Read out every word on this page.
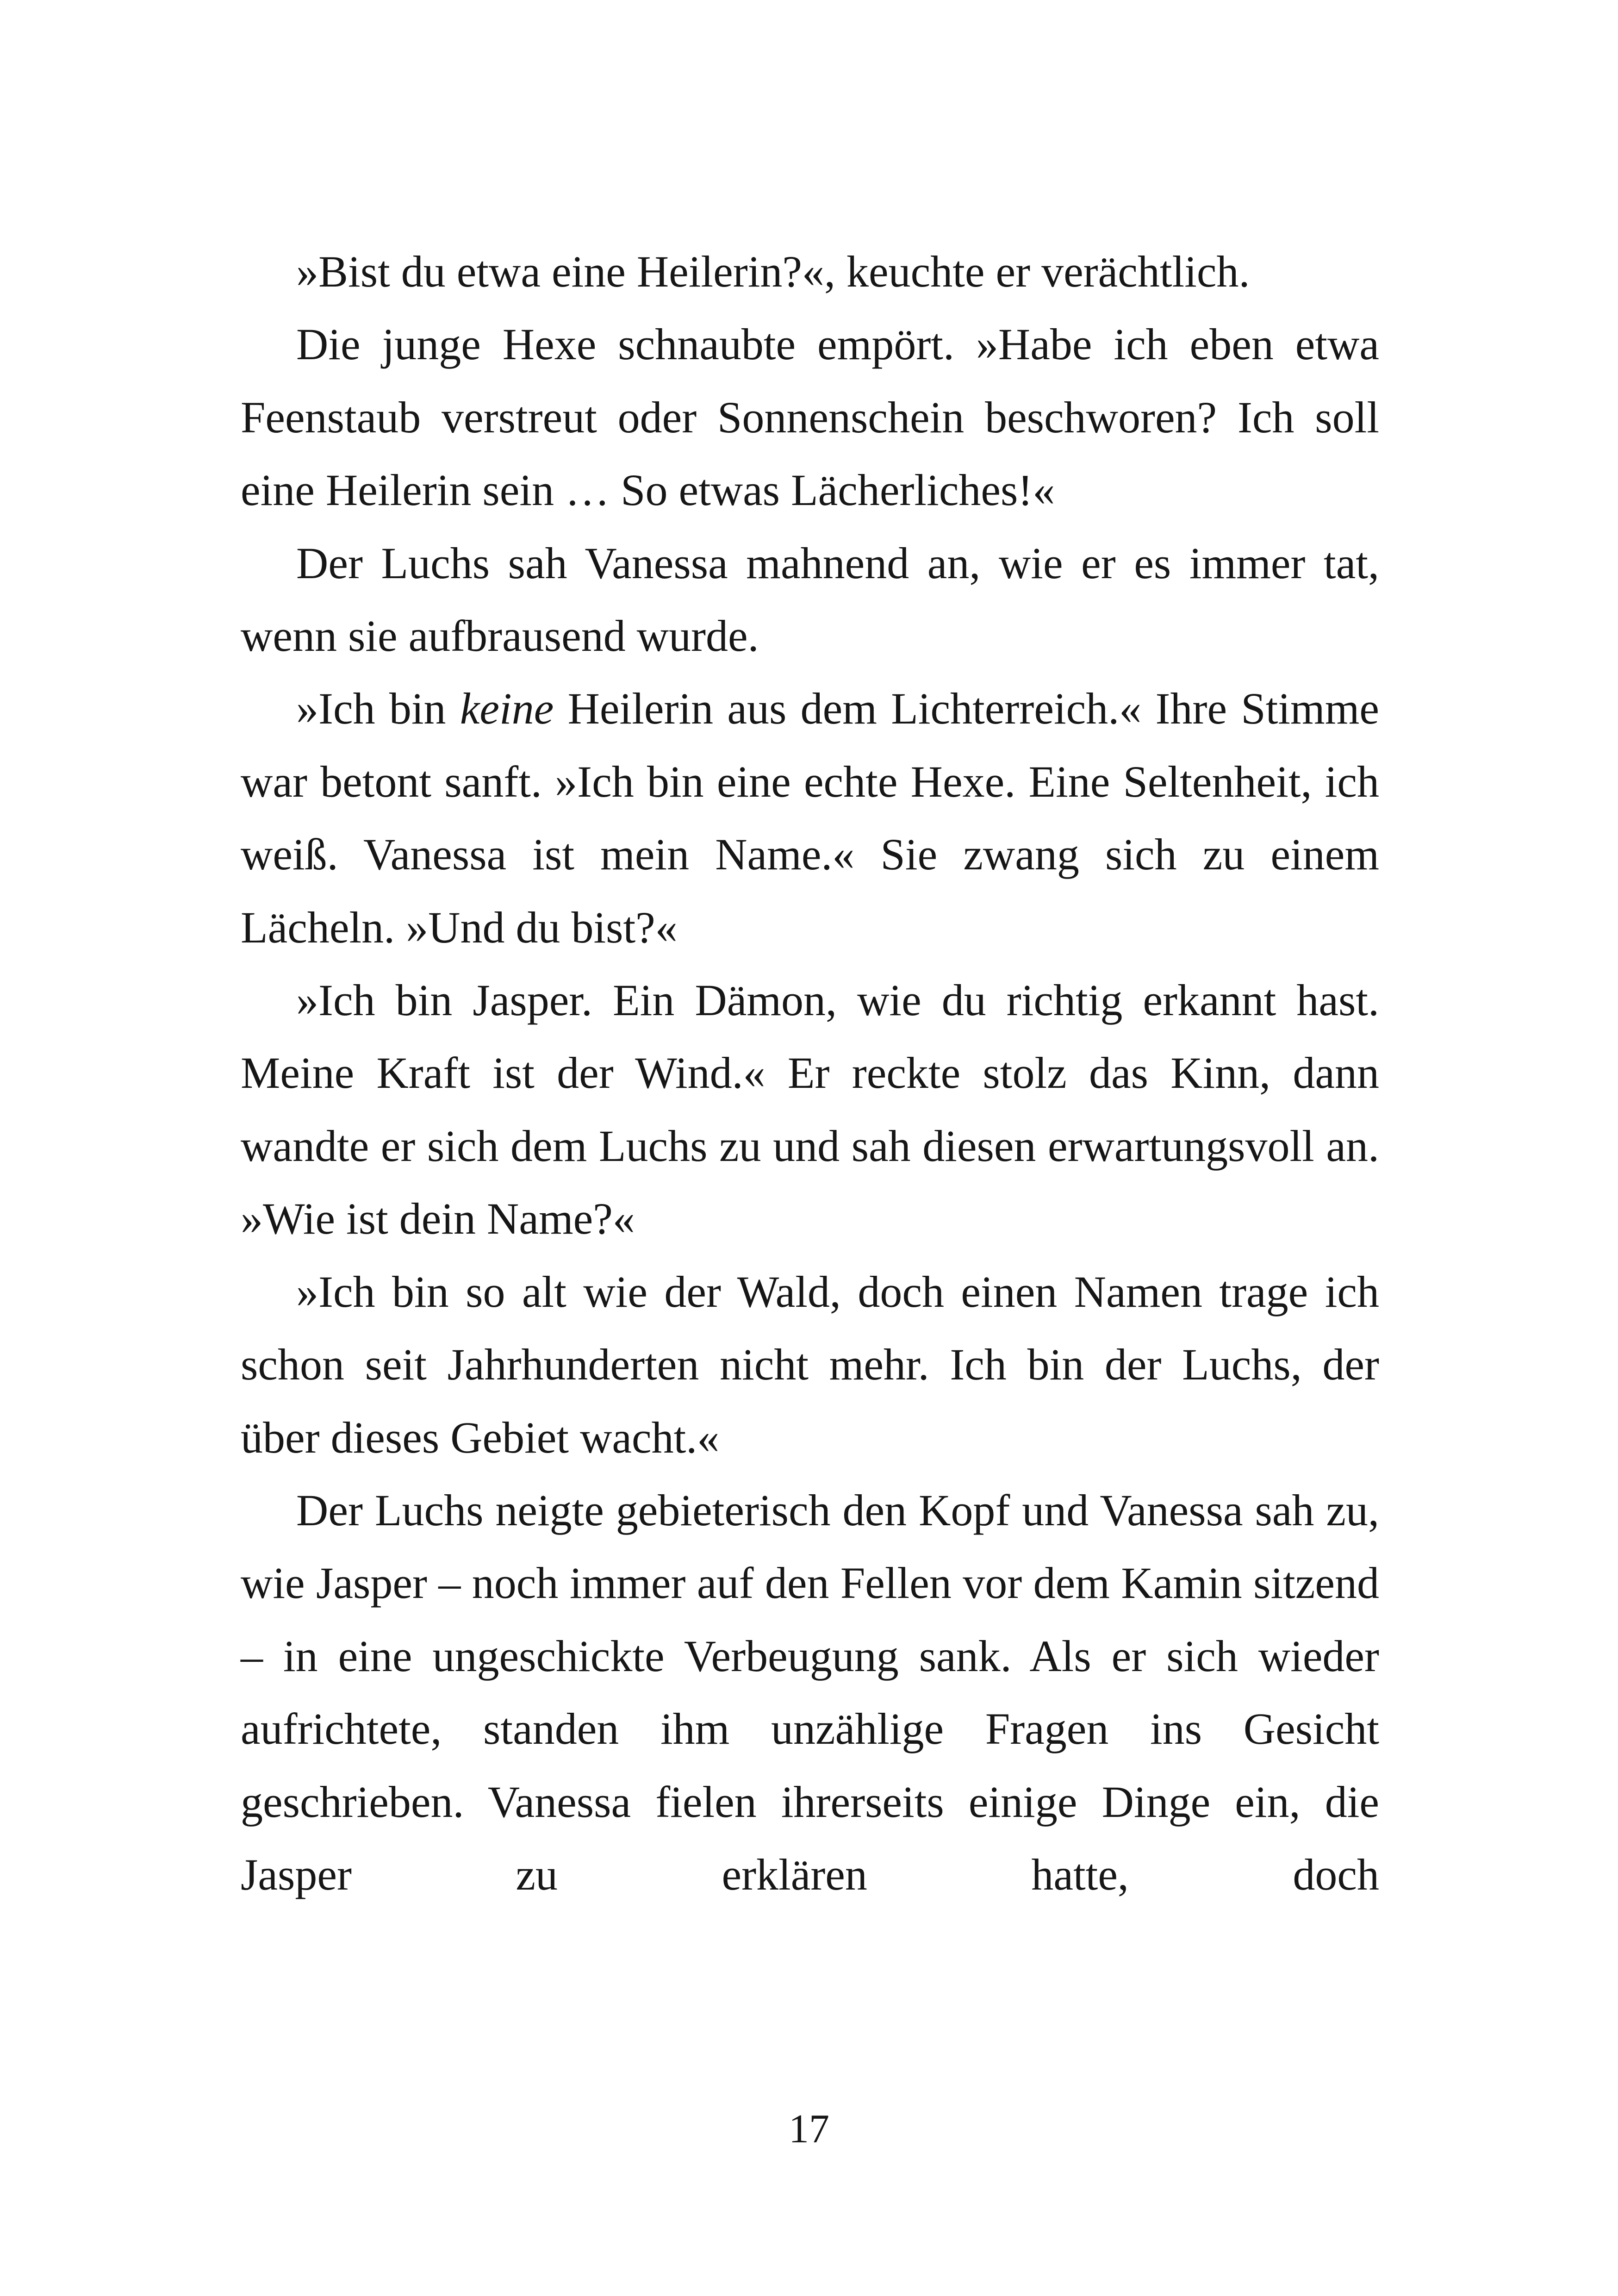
»Bist du etwa eine Heilerin?«, keuchte er verächtlich.

Die junge Hexe schnaubte empört. »Habe ich eben etwa Feenstaub verstreut oder Sonnenschein beschworen? Ich soll eine Heilerin sein … So etwas Lächerliches!«

Der Luchs sah Vanessa mahnend an, wie er es immer tat, wenn sie aufbrausend wurde.

»Ich bin keine Heilerin aus dem Lichterreich.« Ihre Stimme war betont sanft. »Ich bin eine echte Hexe. Eine Seltenheit, ich weiß. Vanessa ist mein Name.« Sie zwang sich zu einem Lächeln. »Und du bist?«

»Ich bin Jasper. Ein Dämon, wie du richtig erkannt hast. Meine Kraft ist der Wind.« Er reckte stolz das Kinn, dann wandte er sich dem Luchs zu und sah diesen erwartungsvoll an. »Wie ist dein Name?«

»Ich bin so alt wie der Wald, doch einen Namen trage ich schon seit Jahrhunderten nicht mehr. Ich bin der Luchs, der über dieses Gebiet wacht.«

Der Luchs neigte gebieterisch den Kopf und Vanessa sah zu, wie Jasper – noch immer auf den Fellen vor dem Kamin sitzend – in eine ungeschickte Verbeugung sank. Als er sich wieder aufrichtete, standen ihm unzählige Fragen ins Gesicht geschrieben. Vanessa fielen ihrerseits einige Dinge ein, die Jasper zu erklären hatte, doch

17
